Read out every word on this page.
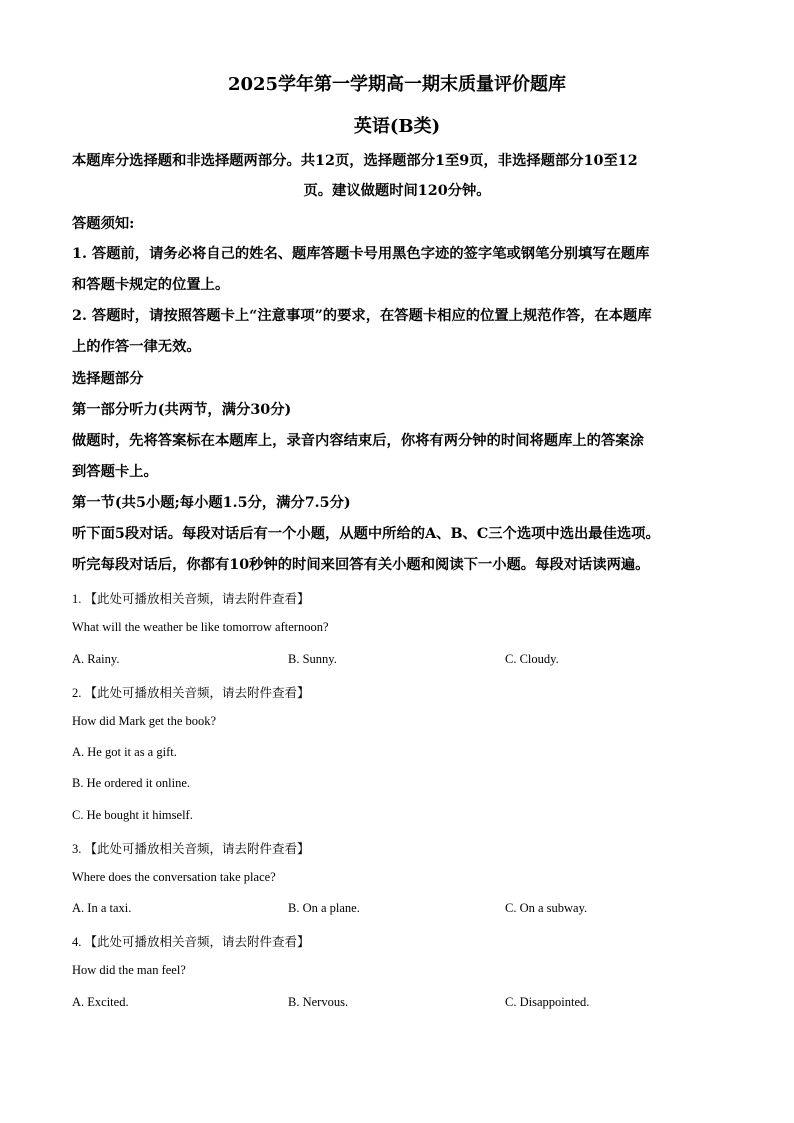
2025学年第一学期高一期末质量评价题库
英语(B类)
本题库分选择题和非选择题两部分。共12页，选择题部分1至9页，非选择题部分10至12
页。建议做题时间120分钟。
答题须知:
1. 答题前，请务必将自己的姓名、题库答题卡号用黑色字迹的签字笔或钢笔分别填写在题库
和答题卡规定的位置上。
2. 答题时，请按照答题卡上“注意事项”的要求，在答题卡相应的位置上规范作答，在本题库
上的作答一律无效。
选择题部分
第一部分听力(共两节，满分30分)
做题时，先将答案标在本题库上，录音内容结束后，你将有两分钟的时间将题库上的答案涂
到答题卡上。
第一节(共5小题;每小题1.5分，满分7.5分)
听下面5段对话。每段对话后有一个小题，从题中所给的A、B、C三个选项中选出最佳选项。
听完每段对话后，你都有10秒钟的时间来回答有关小题和阅读下一小题。每段对话读两遍。
1. 【此处可播放相关音频，请去附件查看】
What will the weather be like tomorrow afternoon?
A. Rainy.	B. Sunny.	C. Cloudy.
2. 【此处可播放相关音频，请去附件查看】
How did Mark get the book?
A. He got it as a gift.
B. He ordered it online.
C. He bought it himself.
3. 【此处可播放相关音频，请去附件查看】
Where does the conversation take place?
A. In a taxi.	B. On a plane.	C. On a subway.
4. 【此处可播放相关音频，请去附件查看】
How did the man feel?
A. Excited.	B. Nervous.	C. Disappointed.
